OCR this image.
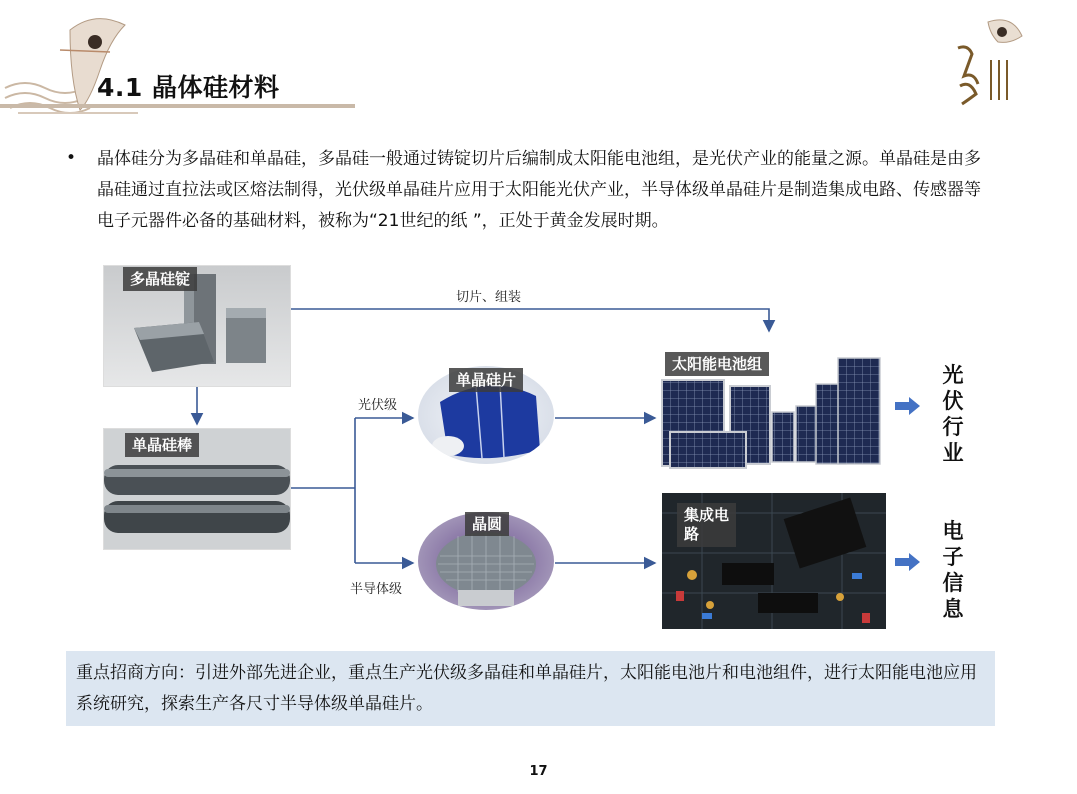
4.1 晶体硅材料
• 晶体硅分为多晶硅和单晶硅，多晶硅一般通过铸锭切片后编制成太阳能电池组，是光伏产业的能量之源。单晶硅是由多晶硅通过直拉法或区熔法制得，光伏级单晶硅片应用于太阳能光伏产业，半导体级单晶硅片是制造集成电路、传感器等电子元器件必备的基础材料，被称为“21世纪的纸 ”，正处于黄金发展时期。
多晶硅锭
切片、组装
单晶硅棒
光伏级
半导体级
单晶硅片
晶圆
太阳能电池组
集成电
路
光
伏
行
业
电
子
信
息
重点招商方向：引进外部先进企业，重点生产光伏级多晶硅和单晶硅片，太阳能电池片和电池组件，进行太阳能电池应用系统研究，探索生产各尺寸半导体级单晶硅片。
17
